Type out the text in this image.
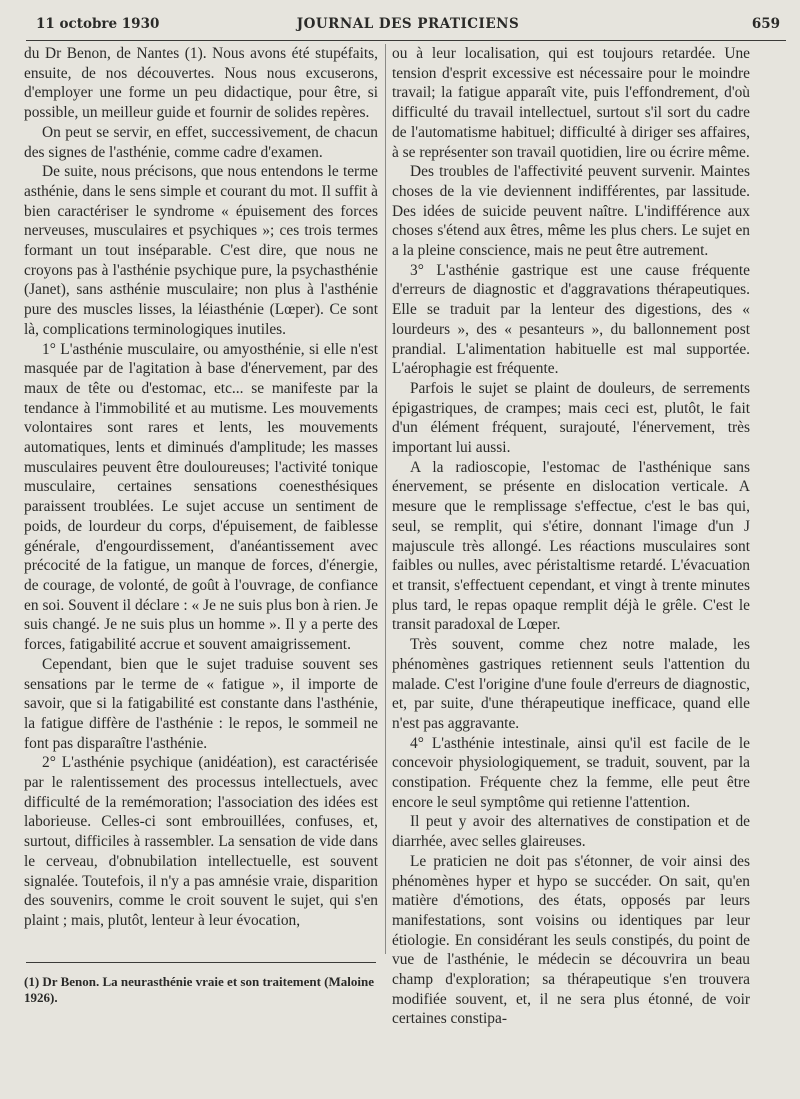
11 octobre 1930	JOURNAL DES PRATICIENS	659

du Dr Benon, de Nantes (1). Nous avons été stupéfaits, ensuite, de nos découvertes. Nous nous excuserons, d'employer une forme un peu didactique, pour être, si possible, un meilleur guide et fournir de solides repères.

On peut se servir, en effet, successivement, de chacun des signes de l'asthénie, comme cadre d'examen.

De suite, nous précisons, que nous entendons le terme asthénie, dans le sens simple et courant du mot. Il suffit à bien caractériser le syndrome « épuisement des forces nerveuses, musculaires et psychiques »; ces trois termes formant un tout inséparable. C'est dire, que nous ne croyons pas à l'asthénie psychique pure, la psychasthénie (Janet), sans asthénie musculaire; non plus à l'asthénie pure des muscles lisses, la léiasthénie (Lœper). Ce sont là, complications terminologiques inutiles.

1° L'asthénie musculaire, ou amyosthénie, si elle n'est masquée par de l'agitation à base d'énervement, par des maux de tête ou d'estomac, etc... se manifeste par la tendance à l'immobilité et au mutisme. Les mouvements volontaires sont rares et lents, les mouvements automatiques, lents et diminués d'amplitude; les masses musculaires peuvent être douloureuses; l'activité tonique musculaire, certaines sensations coenesthésiques paraissent troublées. Le sujet accuse un sentiment de poids, de lourdeur du corps, d'épuisement, de faiblesse générale, d'engourdissement, d'anéantissement avec précocité de la fatigue, un manque de forces, d'énergie, de courage, de volonté, de goût à l'ouvrage, de confiance en soi. Souvent il déclare : « Je ne suis plus bon à rien. Je suis changé. Je ne suis plus un homme ». Il y a perte des forces, fatigabilité accrue et souvent amaigrissement.

Cependant, bien que le sujet traduise souvent ses sensations par le terme de « fatigue », il importe de savoir, que si la fatigabilité est constante dans l'asthénie, la fatigue diffère de l'asthénie : le repos, le sommeil ne font pas disparaître l'asthénie.

2° L'asthénie psychique (anidéation), est caractérisée par le ralentissement des processus intellectuels, avec difficulté de la remémoration; l'association des idées est laborieuse. Celles-ci sont embrouillées, confuses, et, surtout, difficiles à rassembler. La sensation de vide dans le cerveau, d'obnubilation intellectuelle, est souvent signalée. Toutefois, il n'y a pas amnésie vraie, disparition des souvenirs, comme le croit souvent le sujet, qui s'en plaint ; mais, plutôt, lenteur à leur évocation,

ou à leur localisation, qui est toujours retardée. Une tension d'esprit excessive est nécessaire pour le moindre travail; la fatigue apparaît vite, puis l'effondrement, d'où difficulté du travail intellectuel, surtout s'il sort du cadre de l'automatisme habituel; difficulté à diriger ses affaires, à se représenter son travail quotidien, lire ou écrire même.

Des troubles de l'affectivité peuvent survenir. Maintes choses de la vie deviennent indifférentes, par lassitude. Des idées de suicide peuvent naître. L'indifférence aux choses s'étend aux êtres, même les plus chers. Le sujet en a la pleine conscience, mais ne peut être autrement.

3° L'asthénie gastrique est une cause fréquente d'erreurs de diagnostic et d'aggravations thérapeutiques. Elle se traduit par la lenteur des digestions, des « lourdeurs », des « pesanteurs », du ballonnement post prandial. L'alimentation habituelle est mal supportée. L'aérophagie est fréquente.

Parfois le sujet se plaint de douleurs, de serrements épigastriques, de crampes; mais ceci est, plutôt, le fait d'un élément fréquent, surajouté, l'énervement, très important lui aussi.

A la radioscopie, l'estomac de l'asthénique sans énervement, se présente en dislocation verticale. A mesure que le remplissage s'effectue, c'est le bas qui, seul, se remplit, qui s'étire, donnant l'image d'un J majuscule très allongé. Les réactions musculaires sont faibles ou nulles, avec péristaltisme retardé. L'évacuation et transit, s'effectuent cependant, et vingt à trente minutes plus tard, le repas opaque remplit déjà le grêle. C'est le transit paradoxal de Lœper.

Très souvent, comme chez notre malade, les phénomènes gastriques retiennent seuls l'attention du malade. C'est l'origine d'une foule d'erreurs de diagnostic, et, par suite, d'une thérapeutique inefficace, quand elle n'est pas aggravante.

4° L'asthénie intestinale, ainsi qu'il est facile de le concevoir physiologiquement, se traduit, souvent, par la constipation. Fréquente chez la femme, elle peut être encore le seul symptôme qui retienne l'attention.

Il peut y avoir des alternatives de constipation et de diarrhée, avec selles glaireuses.

Le praticien ne doit pas s'étonner, de voir ainsi des phénomènes hyper et hypo se succéder. On sait, qu'en matière d'émotions, des états, opposés par leurs manifestations, sont voisins ou identiques par leur étiologie. En considérant les seuls constipés, du point de vue de l'asthénie, le médecin se découvrira un beau champ d'exploration; sa thérapeutique s'en trouvera modifiée souvent, et, il ne sera plus étonné, de voir certaines constipa-

(1) Dr Benon. La neurasthénie vraie et son traitement (Maloine 1926).
